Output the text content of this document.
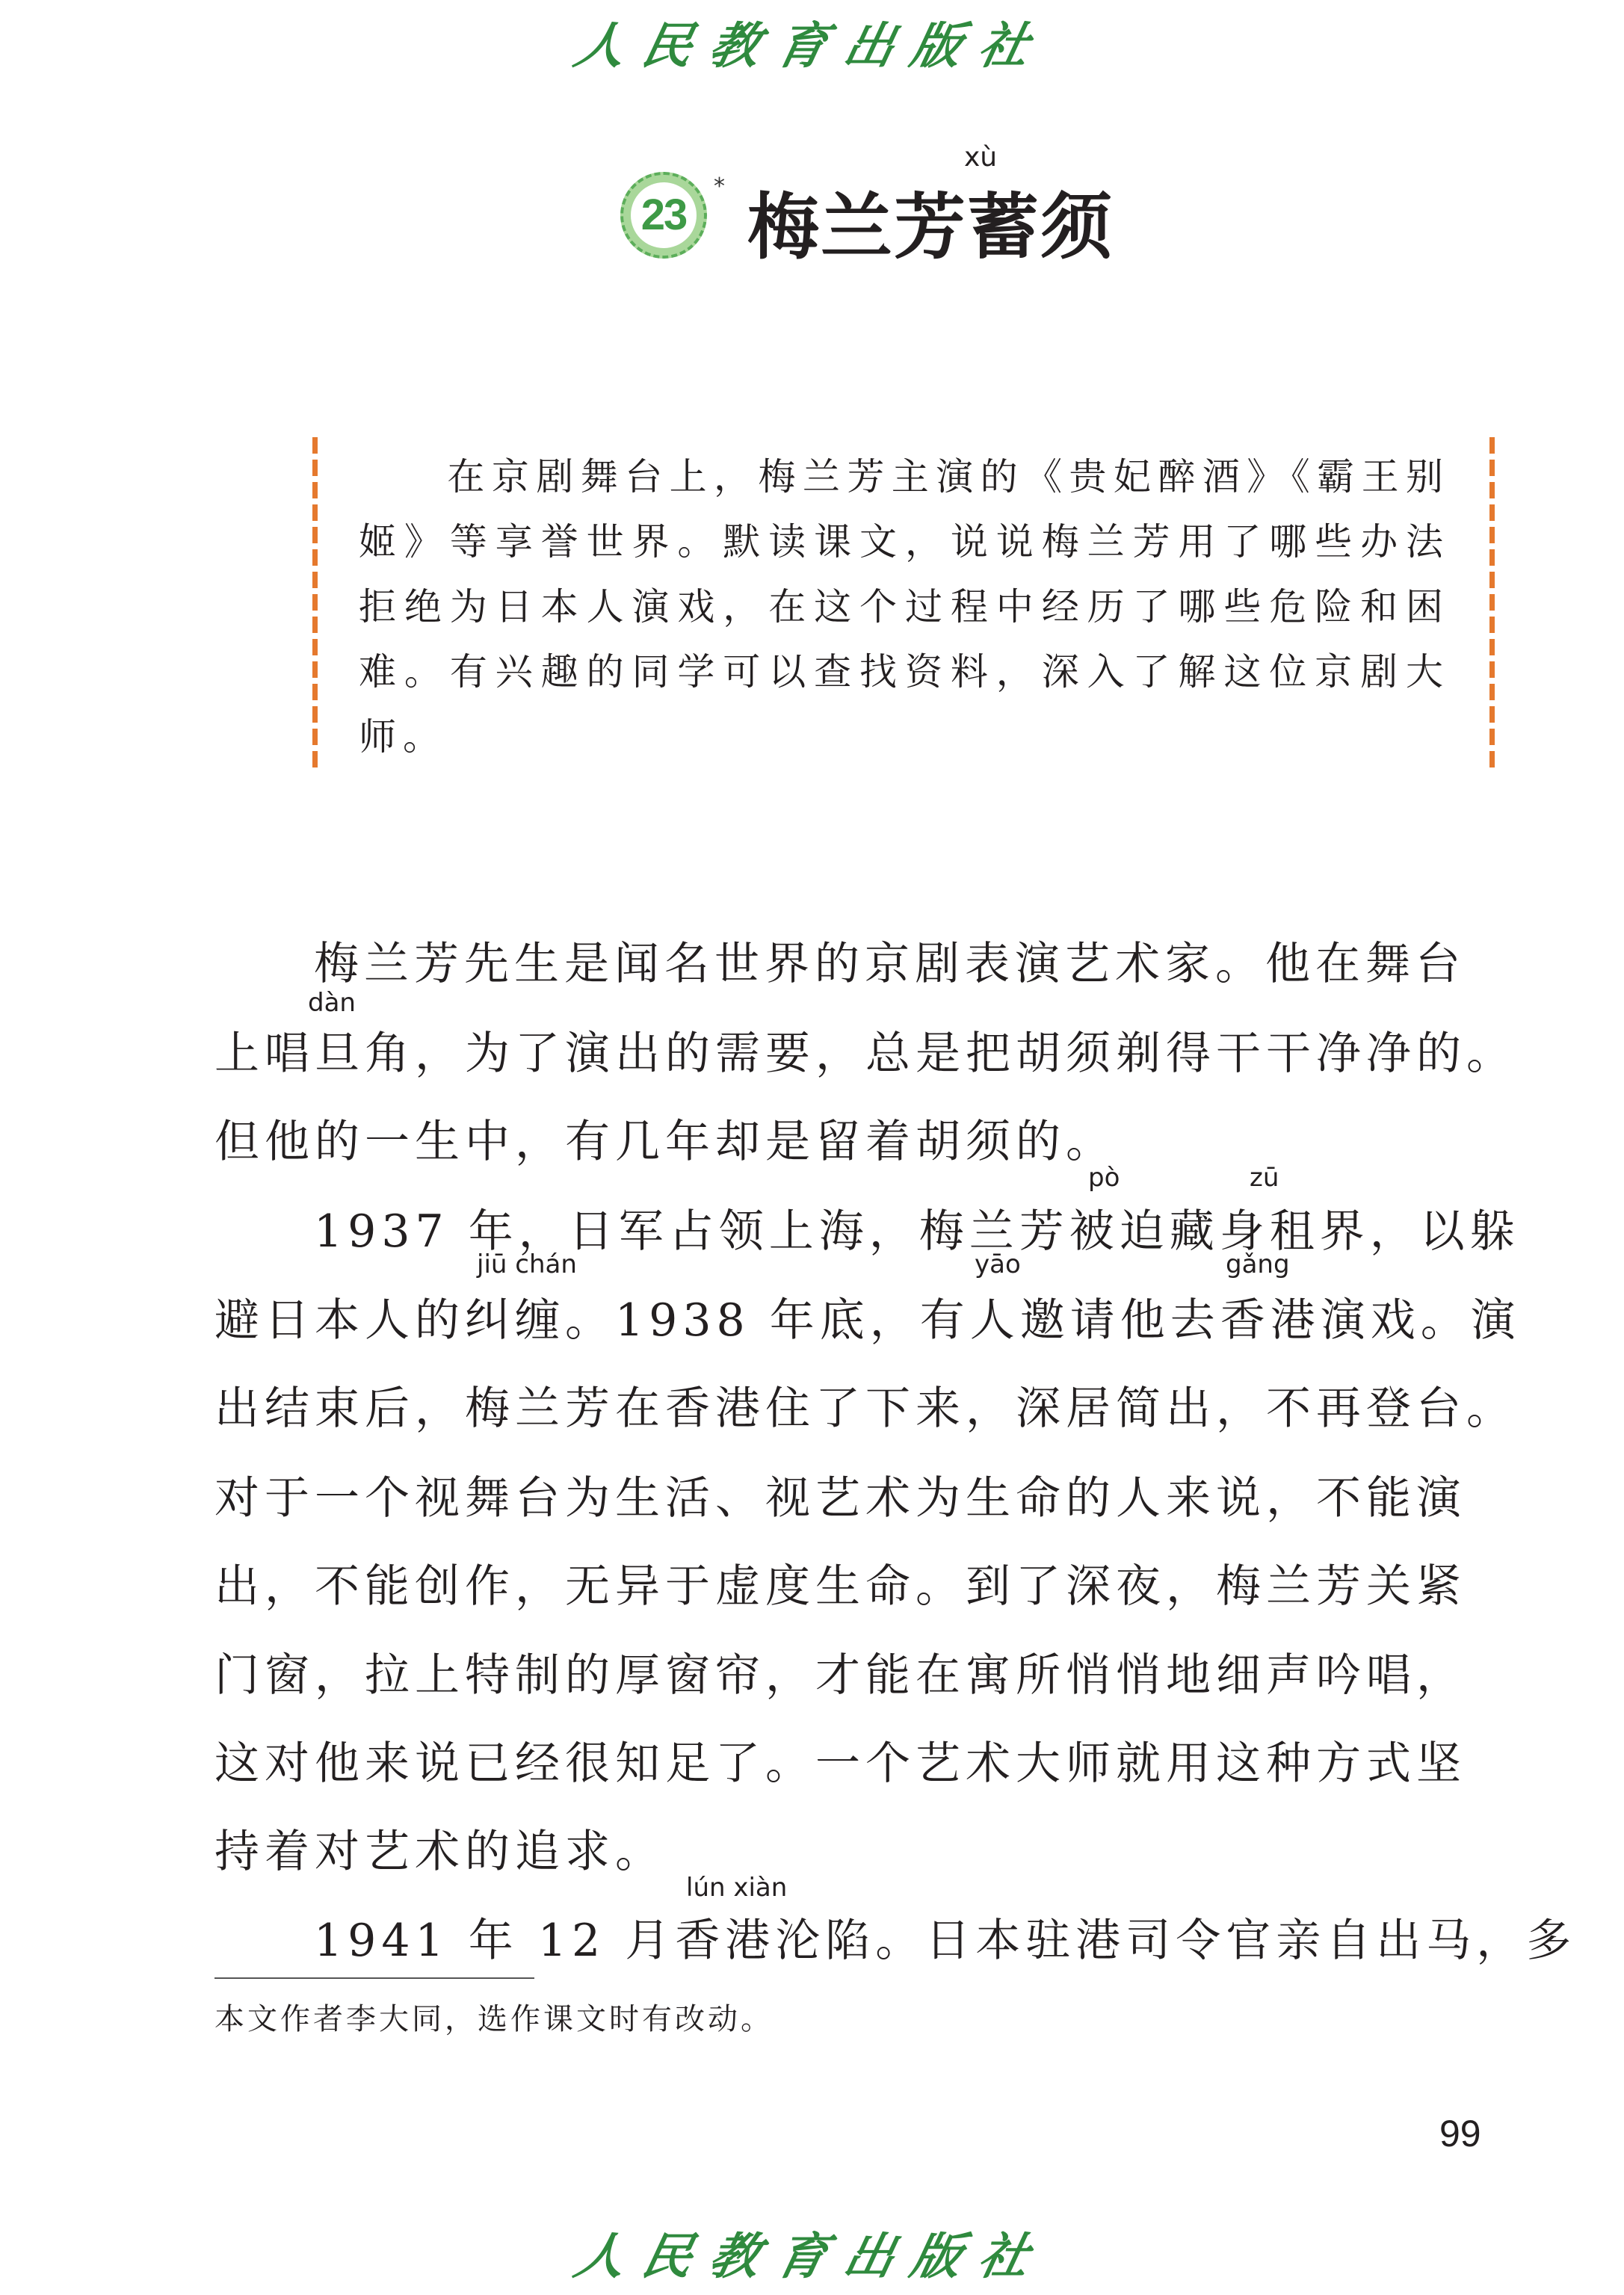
人民教育出版社
23
*
xù
梅兰芳蓄须
在京剧舞台上，梅兰芳主演的《贵妃醉酒》《霸王别姬》等享誉世界。默读课文，说说梅兰芳用了哪些办法拒绝为日本人演戏，在这个过程中经历了哪些危险和困难。有兴趣的同学可以查找资料，深入了解这位京剧大师。
梅兰芳先生是闻名世界的京剧表演艺术家。他在舞台
上唱旦角，为了演出的需要，总是把胡须剃得干干净净的。
但他的一生中，有几年却是留着胡须的。
1937 年，日军占领上海，梅兰芳被迫藏身租界，以躲
避日本人的纠缠。1938 年底，有人邀请他去香港演戏。演
出结束后，梅兰芳在香港住了下来，深居简出，不再登台。
对于一个视舞台为生活、视艺术为生命的人来说，不能演
出，不能创作，无异于虚度生命。到了深夜，梅兰芳关紧
门窗，拉上特制的厚窗帘，才能在寓所悄悄地细声吟唱，
这对他来说已经很知足了。一个艺术大师就用这种方式坚
持着对艺术的追求。
1941 年 12 月香港沦陷。日本驻港司令官亲自出马，多
dàn
pò	zū
jiū chán	yāo	gǎng
lún xiàn
本文作者李大同，选作课文时有改动。
99
人民教育出版社
